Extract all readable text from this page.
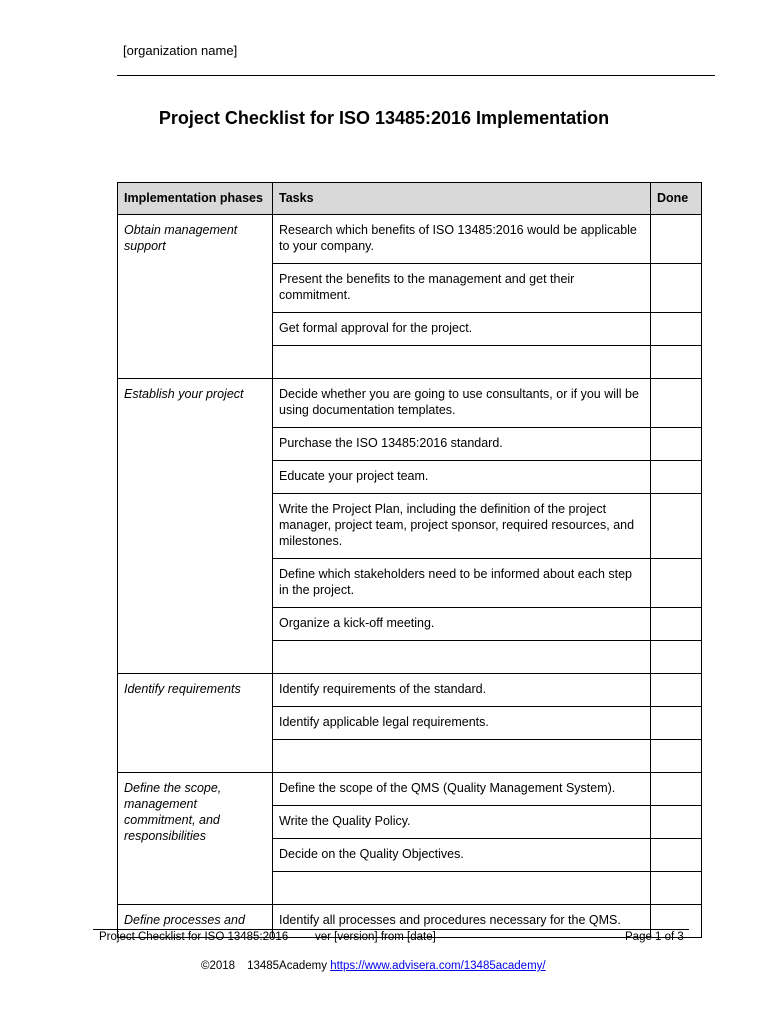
[organization name]
Project Checklist for ISO 13485:2016 Implementation
Implementation phases	Tasks	Done
Obtain management support	Research which benefits of ISO 13485:2016 would be applicable to your company.	
	Present the benefits to the management and get their commitment.	
	Get formal approval for the project.	

Establish your project	Decide whether you are going to use consultants, or if you will be using documentation templates.	
	Purchase the ISO 13485:2016 standard.	
	Educate your project team.	
	Write the Project Plan, including the definition of the project manager, project team, project sponsor, required resources, and milestones.	
	Define which stakeholders need to be informed about each step in the project.	
	Organize a kick-off meeting.	

Identify requirements	Identify requirements of the standard.	
	Identify applicable legal requirements.	

Define the scope, management commitment, and responsibilities	Define the scope of the QMS (Quality Management System).	
	Write the Quality Policy.	
	Decide on the Quality Objectives.	

Define processes and	Identify all processes and procedures necessary for the QMS.	
Project Checklist for ISO 13485:2016 ver [version] from [date]	Page 1 of 3
©2018 13485Academy https://www.advisera.com/13485academy/
